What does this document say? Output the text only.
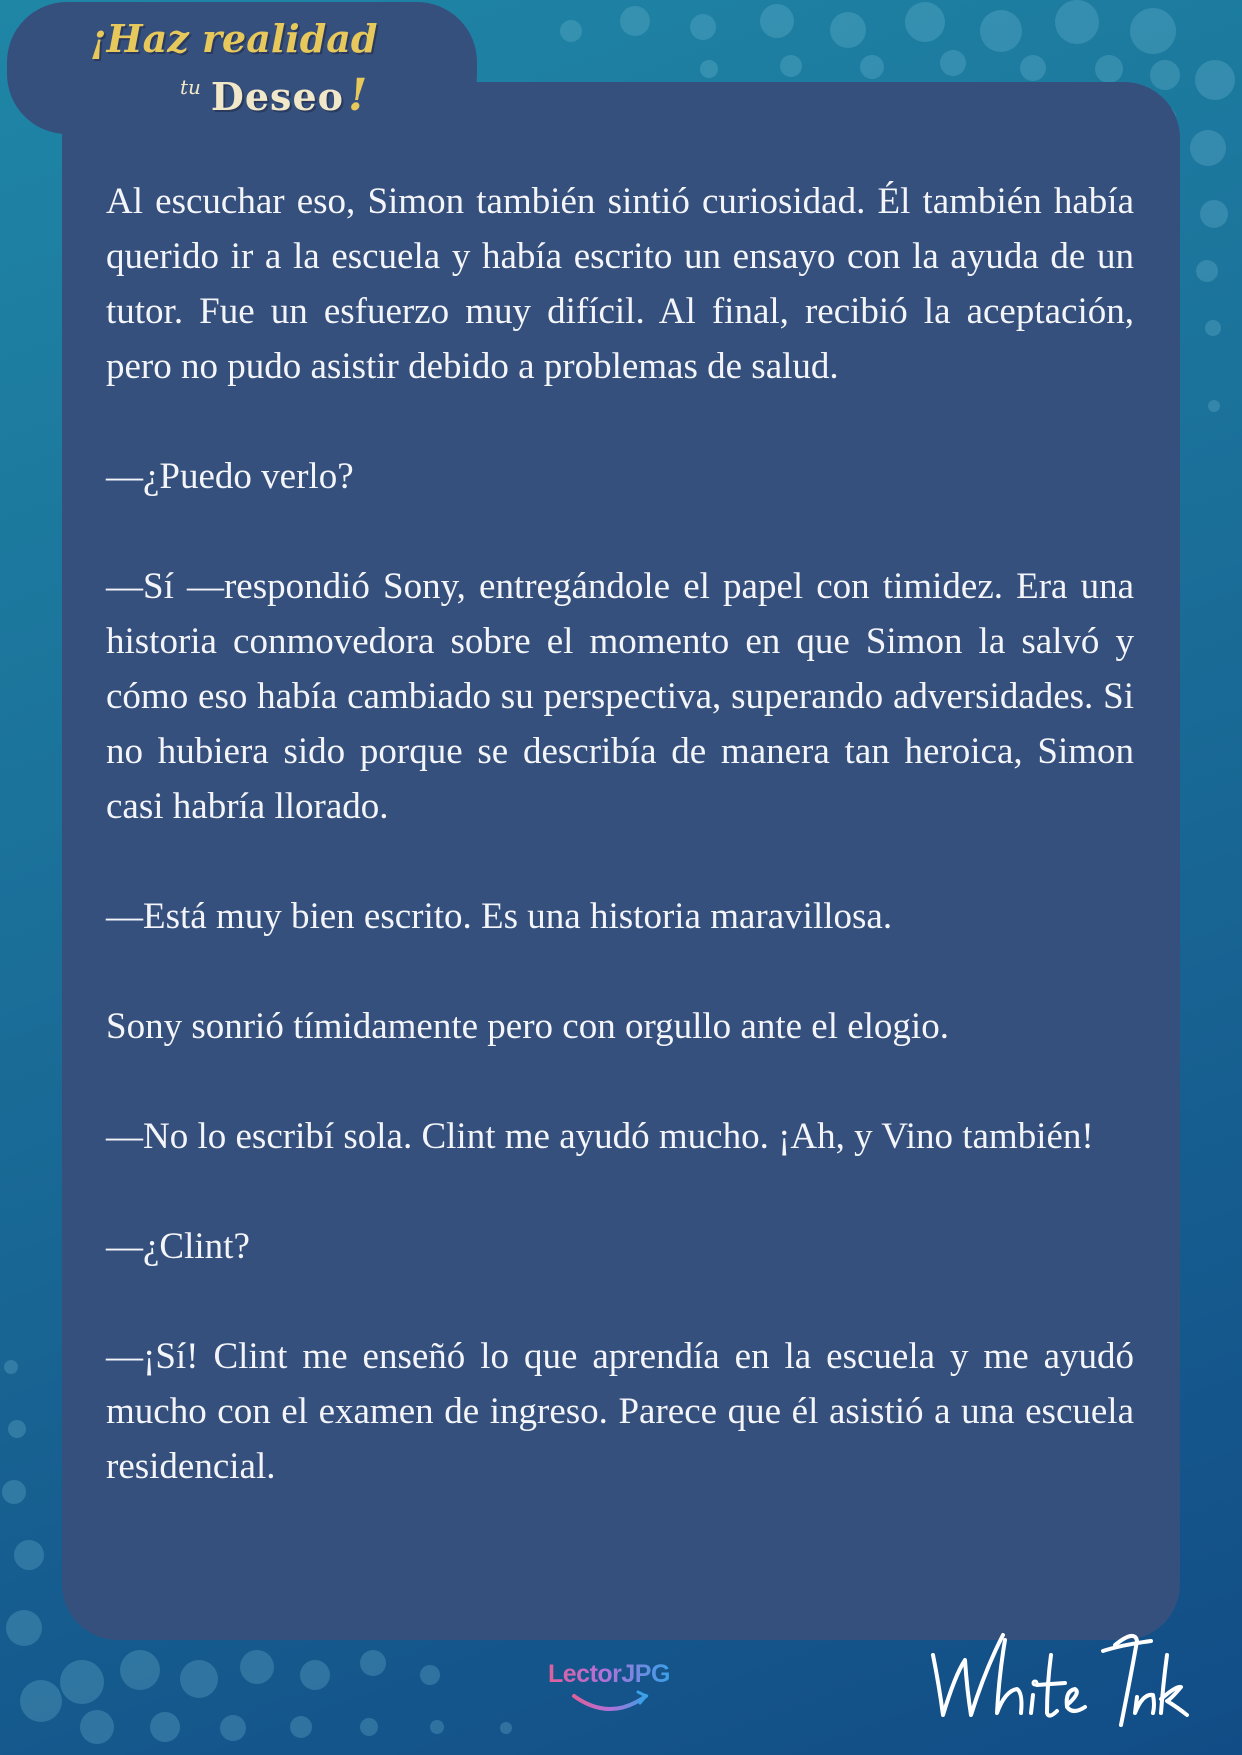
¡Haz realidad
tu Deseo!

Al escuchar eso, Simon también sintió curiosidad. Él también había querido ir a la escuela y había escrito un ensayo con la ayuda de un tutor. Fue un esfuerzo muy difícil. Al final, recibió la aceptación, pero no pudo asistir debido a problemas de salud.

—¿Puedo verlo?

—Sí —respondió Sony, entregándole el papel con timidez. Era una historia conmovedora sobre el momento en que Simon la salvó y cómo eso había cambiado su perspectiva, superando adversidades. Si no hubiera sido porque se describía de manera tan heroica, Simon casi habría llorado.

—Está muy bien escrito. Es una historia maravillosa.

Sony sonrió tímidamente pero con orgullo ante el elogio.

—No lo escribí sola. Clint me ayudó mucho. ¡Ah, y Vino también!

—¿Clint?

—¡Sí! Clint me enseñó lo que aprendía en la escuela y me ayudó mucho con el examen de ingreso. Parece que él asistió a una escuela residencial.

LectorJPG
